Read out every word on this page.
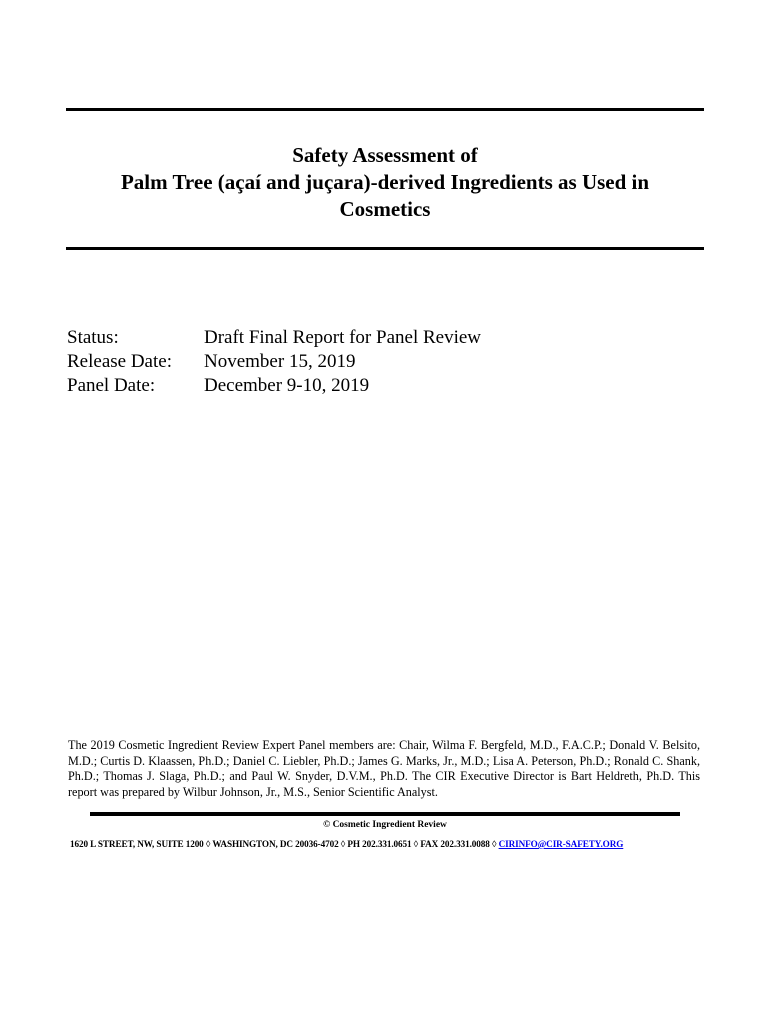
Safety Assessment of
Palm Tree (açaí and juçara)-derived Ingredients as Used in
Cosmetics
Status:	Draft Final Report for Panel Review
Release Date:	November 15, 2019
Panel Date:	December 9-10, 2019
The 2019 Cosmetic Ingredient Review Expert Panel members are: Chair, Wilma F. Bergfeld, M.D., F.A.C.P.; Donald V. Belsito, M.D.; Curtis D. Klaassen, Ph.D.; Daniel C. Liebler, Ph.D.; James G. Marks, Jr., M.D.; Lisa A. Peterson, Ph.D.; Ronald C. Shank, Ph.D.; Thomas J. Slaga, Ph.D.; and Paul W. Snyder, D.V.M., Ph.D. The CIR Executive Director is Bart Heldreth, Ph.D. This report was prepared by Wilbur Johnson, Jr., M.S., Senior Scientific Analyst.
© Cosmetic Ingredient Review
1620 L STREET, NW, SUITE 1200 ◊ WASHINGTON, DC 20036-4702 ◊ PH 202.331.0651 ◊ FAX 202.331.0088 ◊ CIRINFO@CIR-SAFETY.ORG
